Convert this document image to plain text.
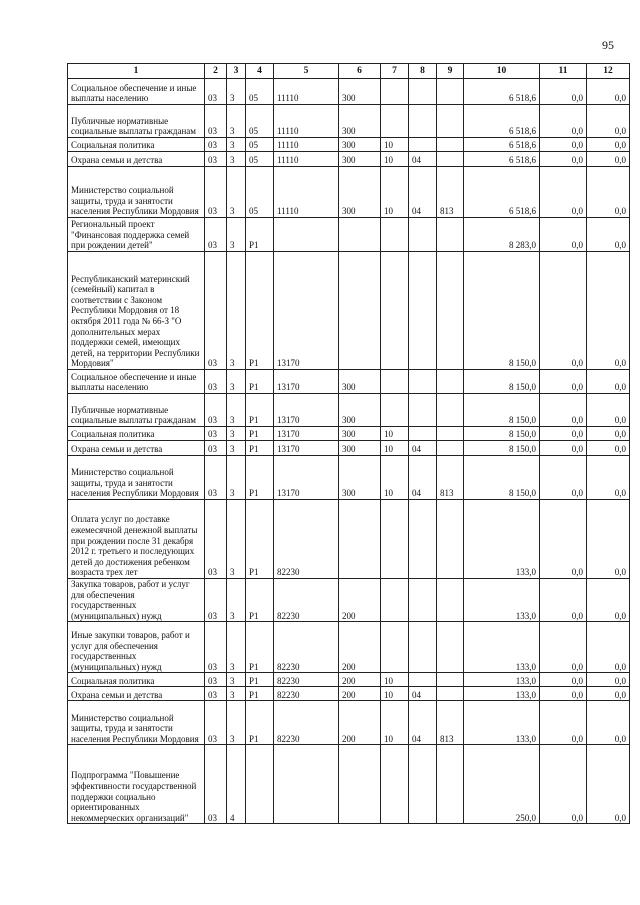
95
1	2	3	4	5	6	7	8	9	10	11	12
Социальное обеспечение и иные выплаты населению	03	3	05	11110	300				6 518,6	0,0	0,0
Публичные нормативные социальные выплаты гражданам	03	3	05	11110	300				6 518,6	0,0	0,0
Социальная политика	03	3	05	11110	300	10			6 518,6	0,0	0,0
Охрана семьи и детства	03	3	05	11110	300	10	04		6 518,6	0,0	0,0
Министерство социальной защиты, труда и занятости населения Республики Мордовия	03	3	05	11110	300	10	04	813	6 518,6	0,0	0,0
Региональный проект "Финансовая поддержка семей при рождении детей"	03	3	P1						8 283,0	0,0	0,0
Республиканский материнский (семейный) капитал в соответствии с Законом Республики Мордовия от 18 октября 2011 года № 66-З "О дополнительных мерах поддержки семей, имеющих детей, на территории Республики Мордовия"	03	3	P1	13170					8 150,0	0,0	0,0
Социальное обеспечение и иные выплаты населению	03	3	P1	13170	300				8 150,0	0,0	0,0
Публичные нормативные социальные выплаты гражданам	03	3	P1	13170	300				8 150,0	0,0	0,0
Социальная политика	03	3	P1	13170	300	10			8 150,0	0,0	0,0
Охрана семьи и детства	03	3	P1	13170	300	10	04		8 150,0	0,0	0,0
Министерство социальной защиты, труда и занятости населения Республики Мордовия	03	3	P1	13170	300	10	04	813	8 150,0	0,0	0,0
Оплата услуг по доставке ежемесячной денежной выплаты при рождении после 31 декабря 2012 г. третьего и последующих детей до достижения ребенком возраста трех лет	03	3	P1	82230					133,0	0,0	0,0
Закупка товаров, работ и услуг для обеспечения государственных (муниципальных) нужд	03	3	P1	82230	200				133,0	0,0	0,0
Иные закупки товаров, работ и услуг для обеспечения государственных (муниципальных) нужд	03	3	P1	82230	200				133,0	0,0	0,0
Социальная политика	03	3	P1	82230	200	10			133,0	0,0	0,0
Охрана семьи и детства	03	3	P1	82230	200	10	04		133,0	0,0	0,0
Министерство социальной защиты, труда и занятости населения Республики Мордовия	03	3	P1	82230	200	10	04	813	133,0	0,0	0,0
Подпрограмма "Повышение эффективности государственной поддержки социально ориентированных некоммерческих организаций"	03	4							250,0	0,0	0,0
